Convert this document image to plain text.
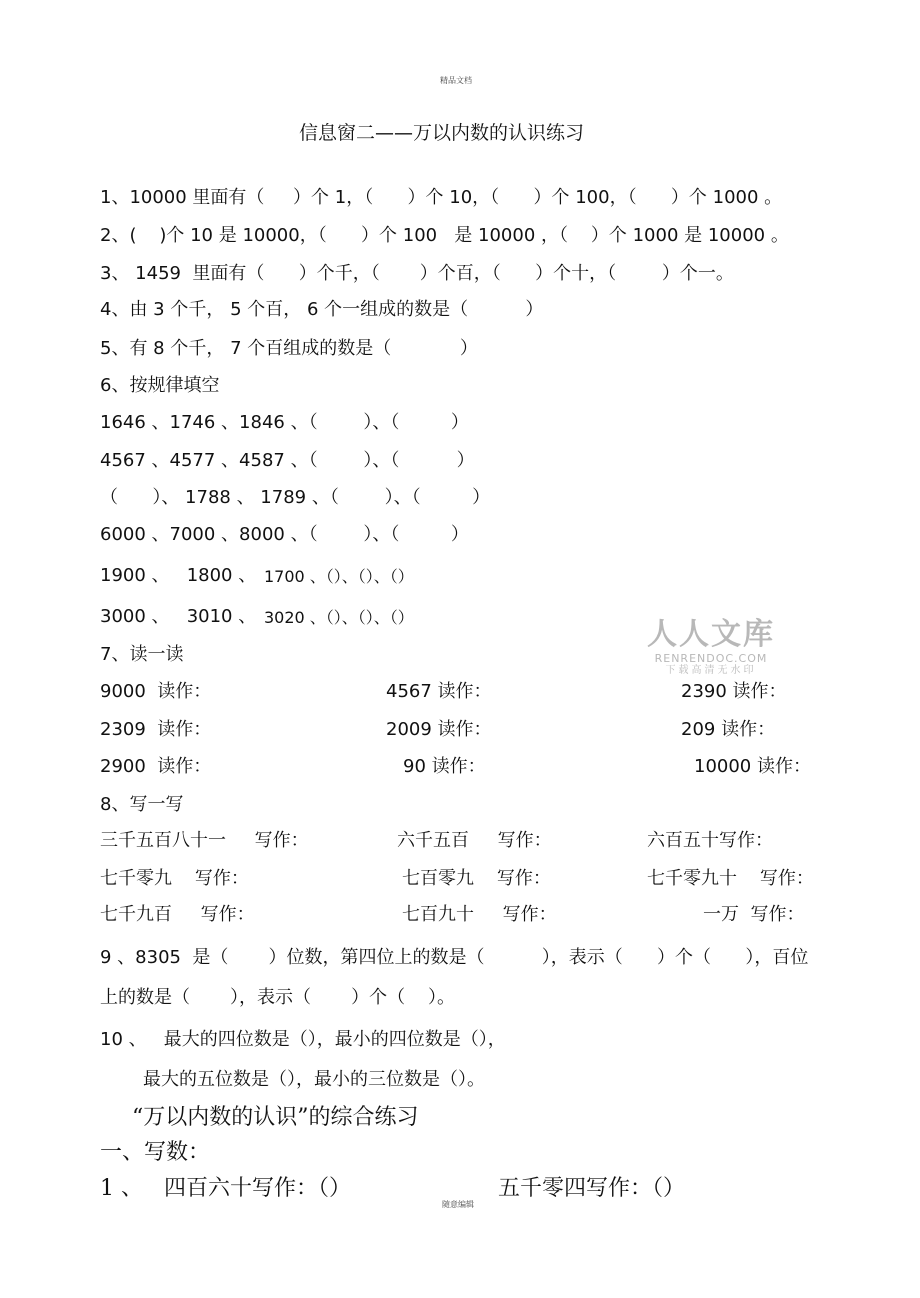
精品文档
信息窗二——万以内数的认识练习
1、10000 里面有（     ）个 1，（      ）个 10，（      ）个 100，（      ）个 1000 。
2、(    )个 10 是 10000，（      ）个 100   是 10000 ，（    ）个 1000 是 10000 。
3、 1459  里面有（      ）个千，（       ）个百，（      ）个十，（        ）个一。
4、由 3 个千， 5 个百， 6 个一组成的数是（          ）
5、有 8 个千， 7 个百组成的数是（            ）
6、按规律填空
1646 、1746 、1846 、（        ）、（         ）
4567 、4577 、4587 、（        ）、（          ）
（      ）、 1788 、 1789 、（        ）、（         ）
6000 、7000 、8000 、（        ）、（         ）
1900 、   1800 、 1700 、（）、（）、（）
3000 、   3010 、 3020 、（）、（）、（）	人人文库
RENRENDOC.COM
下载高清无水印
7、读一读
9000  读作：	4567 读作：	2390 读作：
2309  读作：	2009 读作：	209 读作：
2900  读作：	90 读作：	10000 读作：
8、写一写
三千五百八十一     写作：	六千五百     写作：	六百五十写作：
七千零九    写作：	七百零九    写作：	七千零九十    写作：
七千九百     写作：	七百九十     写作：	一万  写作：
9 、8305  是（       ）位数，第四位上的数是（          ），表示（      ）个（      ），百位
上的数是（       ），表示（       ）个（    ）。
10 、   最大的四位数是（），最小的四位数是（），
最大的五位数是（），最小的三位数是（）。
“万以内数的认识”的综合练习
一、写数：
1 、   四百六十写作：（）	五千零四写作：（）
随意编辑
